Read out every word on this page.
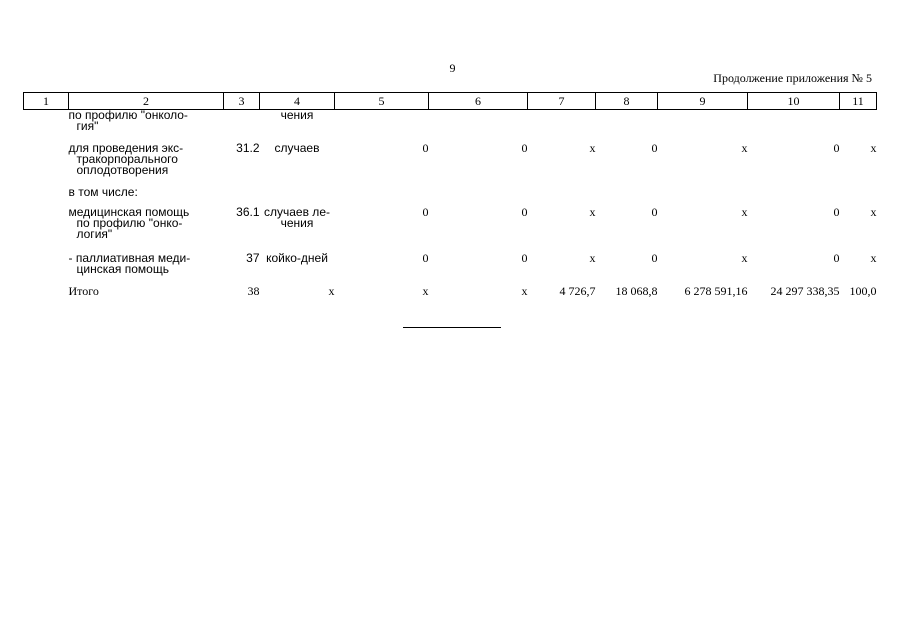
9
Продолжение приложения № 5
1	2	3	4	5	6	7	8	9	10	11
	по профилю "онколо-

гия"		чения							
	для проведения экс-

тракорпорального
оплодотворения	31.2	случаев	0	0	х	0	х	0	х
	в том числе:									
	медицинская помощь

по профилю "онко-
логия"	36.1	случаев ле-
чения	0	0	х	0	х	0	х
	- паллиативная меди-

цинская помощь	37	койко-дней	0	0	х	0	х	0	х
	Итого	38	х	х	х	4 726,7	18 068,8	6 278 591,16	24 297 338,35	100,0
